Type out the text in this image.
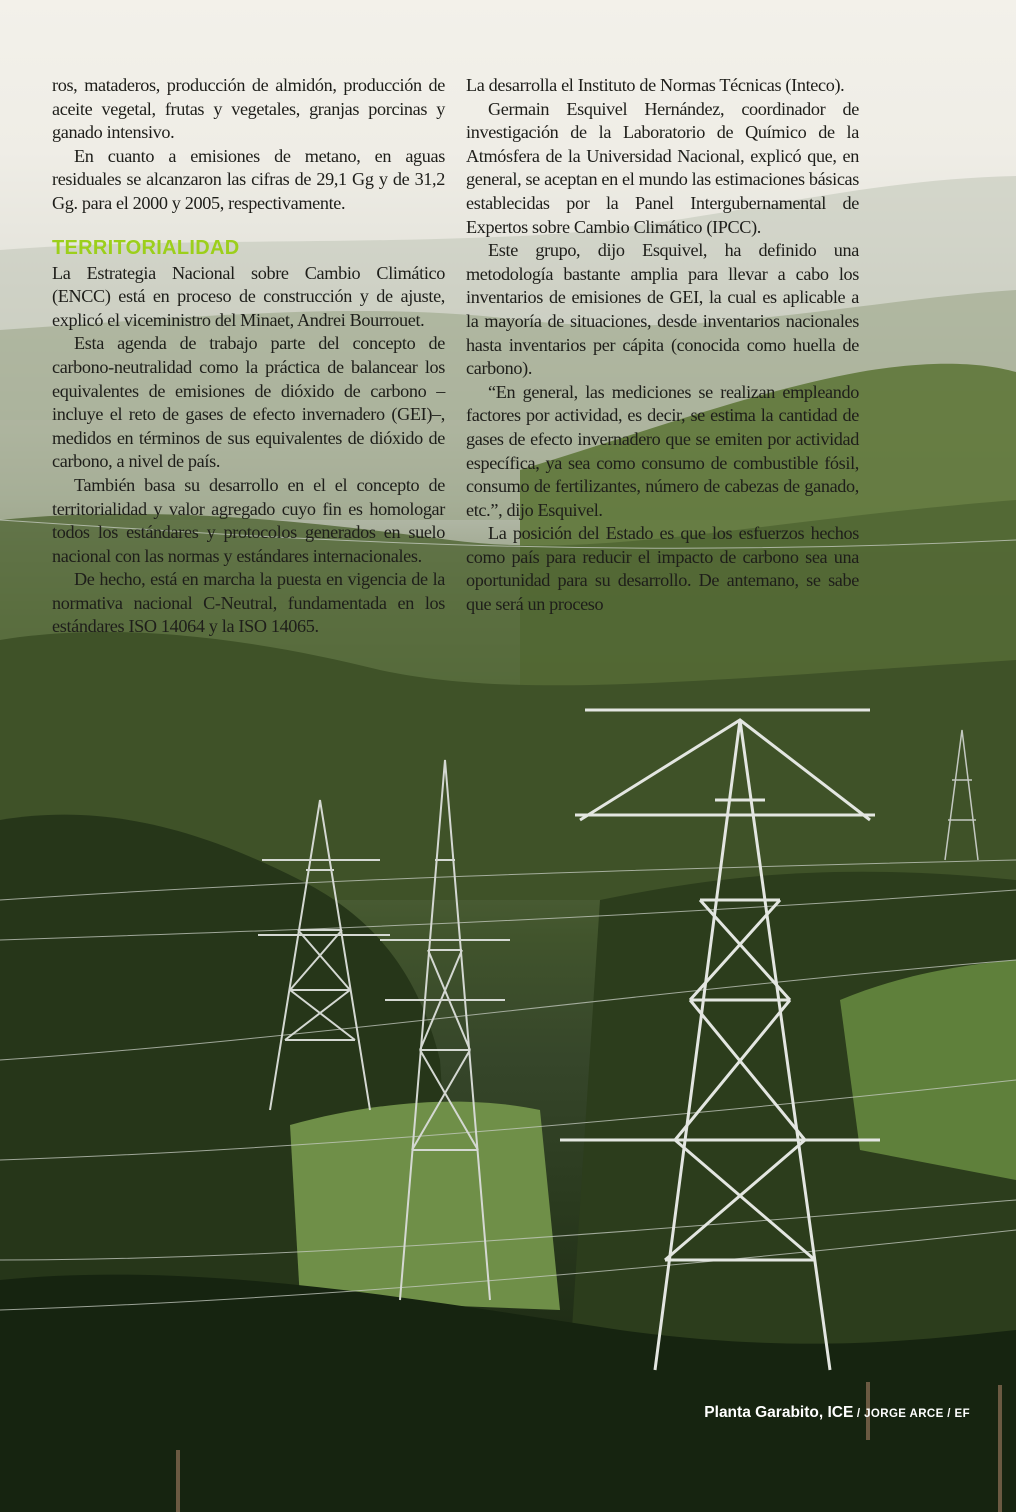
ros, mataderos, producción de almidón, producción de aceite vegetal, frutas y vegetales, granjas porcinas y ganado intensivo.

En cuanto a emisiones de metano, en aguas residuales se alcanzaron las cifras de 29,1 Gg y de 31,2 Gg. para el 2000 y 2005, respectivamente.

TERRITORIALIDAD

La Estrategia Nacional sobre Cambio Climático (ENCC) está en proceso de construcción y de ajuste, explicó el viceministro del Minaet, Andrei Bourrouet.

Esta agenda de trabajo parte del concepto de carbono-neutralidad como la práctica de balancear los equivalentes de emisiones de dióxido de carbono –incluye el reto de gases de efecto invernadero (GEI)–, medidos en términos de sus equivalentes de dióxido de carbono, a nivel de país.

También basa su desarrollo en el el concepto de territorialidad y valor agregado cuyo fin es homologar todos los estándares y protocolos generados en suelo nacional con las normas y estándares internacionales.

De hecho, está en marcha la puesta en vigencia de la normativa nacional C-Neutral, fundamentada en los estándares ISO 14064 y la ISO 14065.

La desarrolla el Instituto de Normas Técnicas (Inteco).

Germain Esquivel Hernández, coordinador de investigación de la Laboratorio de Químico de la Atmósfera de la Universidad Nacional, explicó que, en general, se aceptan en el mundo las estimaciones básicas establecidas por la Panel Intergubernamental de Expertos sobre Cambio Climático (IPCC).

Este grupo, dijo Esquivel, ha definido una metodología bastante amplia para llevar a cabo los inventarios de emisiones de GEI, la cual es aplicable a la mayoría de situaciones, desde inventarios nacionales hasta inventarios per cápita (conocida como huella de carbono).

“En general, las mediciones se realizan empleando factores por actividad, es decir, se estima la cantidad de gases de efecto invernadero que se emiten por actividad específica, ya sea como consumo de combustible fósil, consumo de fertilizantes, número de cabezas de ganado, etc.”, dijo Esquivel.

La posición del Estado es que los esfuerzos hechos como país para reducir el impacto de carbono sea una oportunidad para su desarrollo. De antemano, se sabe que será un proceso

Planta Garabito, ICE / JORGE ARCE / EF
